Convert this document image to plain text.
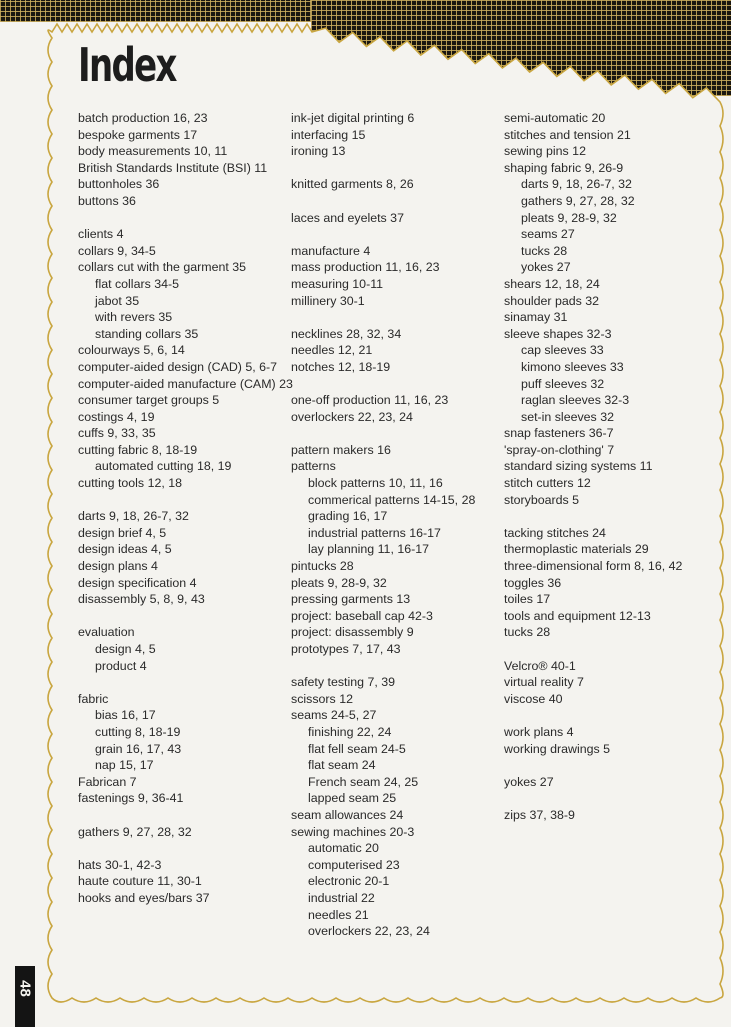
Index
batch production 16, 23
bespoke garments 17
body measurements 10, 11
British Standards Institute (BSI) 11
buttonholes 36
buttons 36
clients 4
collars 9, 34-5
collars cut with the garment 35
flat collars 34-5
jabot 35
with revers 35
standing collars 35
colourways 5, 6, 14
computer-aided design (CAD) 5, 6-7
computer-aided manufacture (CAM) 23
consumer target groups 5
costings 4, 19
cuffs 9, 33, 35
cutting fabric 8, 18-19
automated cutting 18, 19
cutting tools 12, 18
darts 9, 18, 26-7, 32
design brief 4, 5
design ideas 4, 5
design plans 4
design specification 4
disassembly 5, 8, 9, 43
evaluation
design 4, 5
product 4
fabric
bias 16, 17
cutting 8, 18-19
grain 16, 17, 43
nap 15, 17
Fabrican 7
fastenings 9, 36-41
gathers 9, 27, 28, 32
hats 30-1, 42-3
haute couture 11, 30-1
hooks and eyes/bars 37
ink-jet digital printing 6
interfacing 15
ironing 13
knitted garments 8, 26
laces and eyelets 37
manufacture 4
mass production 11, 16, 23
measuring 10-11
millinery 30-1
necklines 28, 32, 34
needles 12, 21
notches 12, 18-19
one-off production 11, 16, 23
overlockers 22, 23, 24
pattern makers 16
patterns
block patterns 10, 11, 16
commerical patterns 14-15, 28
grading 16, 17
industrial patterns 16-17
lay planning 11, 16-17
pintucks 28
pleats 9, 28-9, 32
pressing garments 13
project: baseball cap 42-3
project: disassembly 9
prototypes 7, 17, 43
safety testing 7, 39
scissors 12
seams 24-5, 27
finishing 22, 24
flat fell seam 24-5
flat seam 24
French seam 24, 25
lapped seam 25
seam allowances 24
sewing machines 20-3
automatic 20
computerised 23
electronic 20-1
industrial 22
needles 21
overlockers 22, 23, 24
semi-automatic 20
stitches and tension 21
sewing pins 12
shaping fabric 9, 26-9
darts 9, 18, 26-7, 32
gathers 9, 27, 28, 32
pleats 9, 28-9, 32
seams 27
tucks 28
yokes 27
shears 12, 18, 24
shoulder pads 32
sinamay 31
sleeve shapes 32-3
cap sleeves 33
kimono sleeves 33
puff sleeves 32
raglan sleeves 32-3
set-in sleeves 32
snap fasteners 36-7
'spray-on-clothing' 7
standard sizing systems 11
stitch cutters 12
storyboards 5
tacking stitches 24
thermoplastic materials 29
three-dimensional form 8, 16, 42
toggles 36
toiles 17
tools and equipment 12-13
tucks 28
Velcro® 40-1
virtual reality 7
viscose 40
work plans 4
working drawings 5
yokes 27
zips 37, 38-9
48
